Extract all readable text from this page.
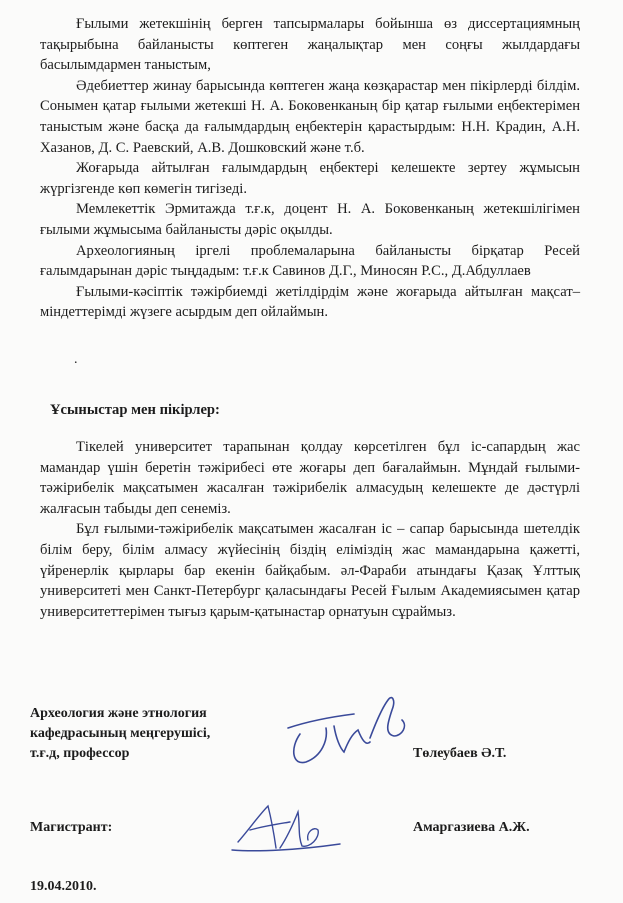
Ғылыми жетекшінің берген тапсырмалары бойынша өз диссертациямның тақырыбына байланысты көптеген жаңалықтар мен соңғы жылдардағы басылымдармен таныстым,

Әдебиеттер жинау барысында көптеген жаңа көзқарастар мен пікірлерді білдім. Сонымен қатар ғылыми жетекші Н. А. Боковенканың бір қатар ғылыми еңбектерімен таныстым және басқа да ғалымдардың еңбектерін қарастырдым: Н.Н. Крадин, А.Н. Хазанов, Д. С. Раевский, А.В. Дошковский және т.б.

Жоғарыда айтылған ғалымдардың еңбектері келешекте зертеу жұмысын жүргізгенде көп көмегін тигізеді.

Мемлекеттік Эрмитажда т.ғ.к, доцент Н. А. Боковенканың жетекшілігімен ғылыми жұмысыма байланысты дәріс оқылды.

Археологияның іргелі проблемаларына байланысты бірқатар Ресей ғалымдарынан дәріс тыңдадым: т.ғ.к Савинов Д.Г., Миносян Р.С., Д.Абдуллаев

Ғылыми-кәсіптік тәжірбиемді жетілдірдім және жоғарыда айтылған мақсат–міндеттерімді жүзеге асырдым деп ойлаймын.

.

Ұсыныстар мен пікірлер:

Тікелей университет тарапынан қолдау көрсетілген бұл іс-сапардың жас мамандар үшін беретін тәжірибесі өте жоғары деп бағалаймын. Мұндай ғылыми-тәжірибелік мақсатымен жасалған тәжірибелік алмасудың келешекте де дәстүрлі жалғасын табыды деп сенеміз.

Бұл ғылыми-тәжірибелік мақсатымен жасалған іс – сапар барысында шетелдік білім беру, білім алмасу жүйесінің біздің еліміздің жас мамандарына қажетті, үйренерлік қырлары бар екенін байқабым. әл-Фараби атындағы Қазақ Ұлттық университеті мен Санкт-Петербург қаласындағы Ресей Ғылым Академиясымен қатар университеттерімен тығыз қарым-қатынастар орнатуын сұраймыз.

Археология және этнология
кафедрасының меңгерушісі,
т.ғ.д, профессор	Төлеубаев Ә.Т.
Магистрант:	Амаргазиева А.Ж.
19.04.2010.
